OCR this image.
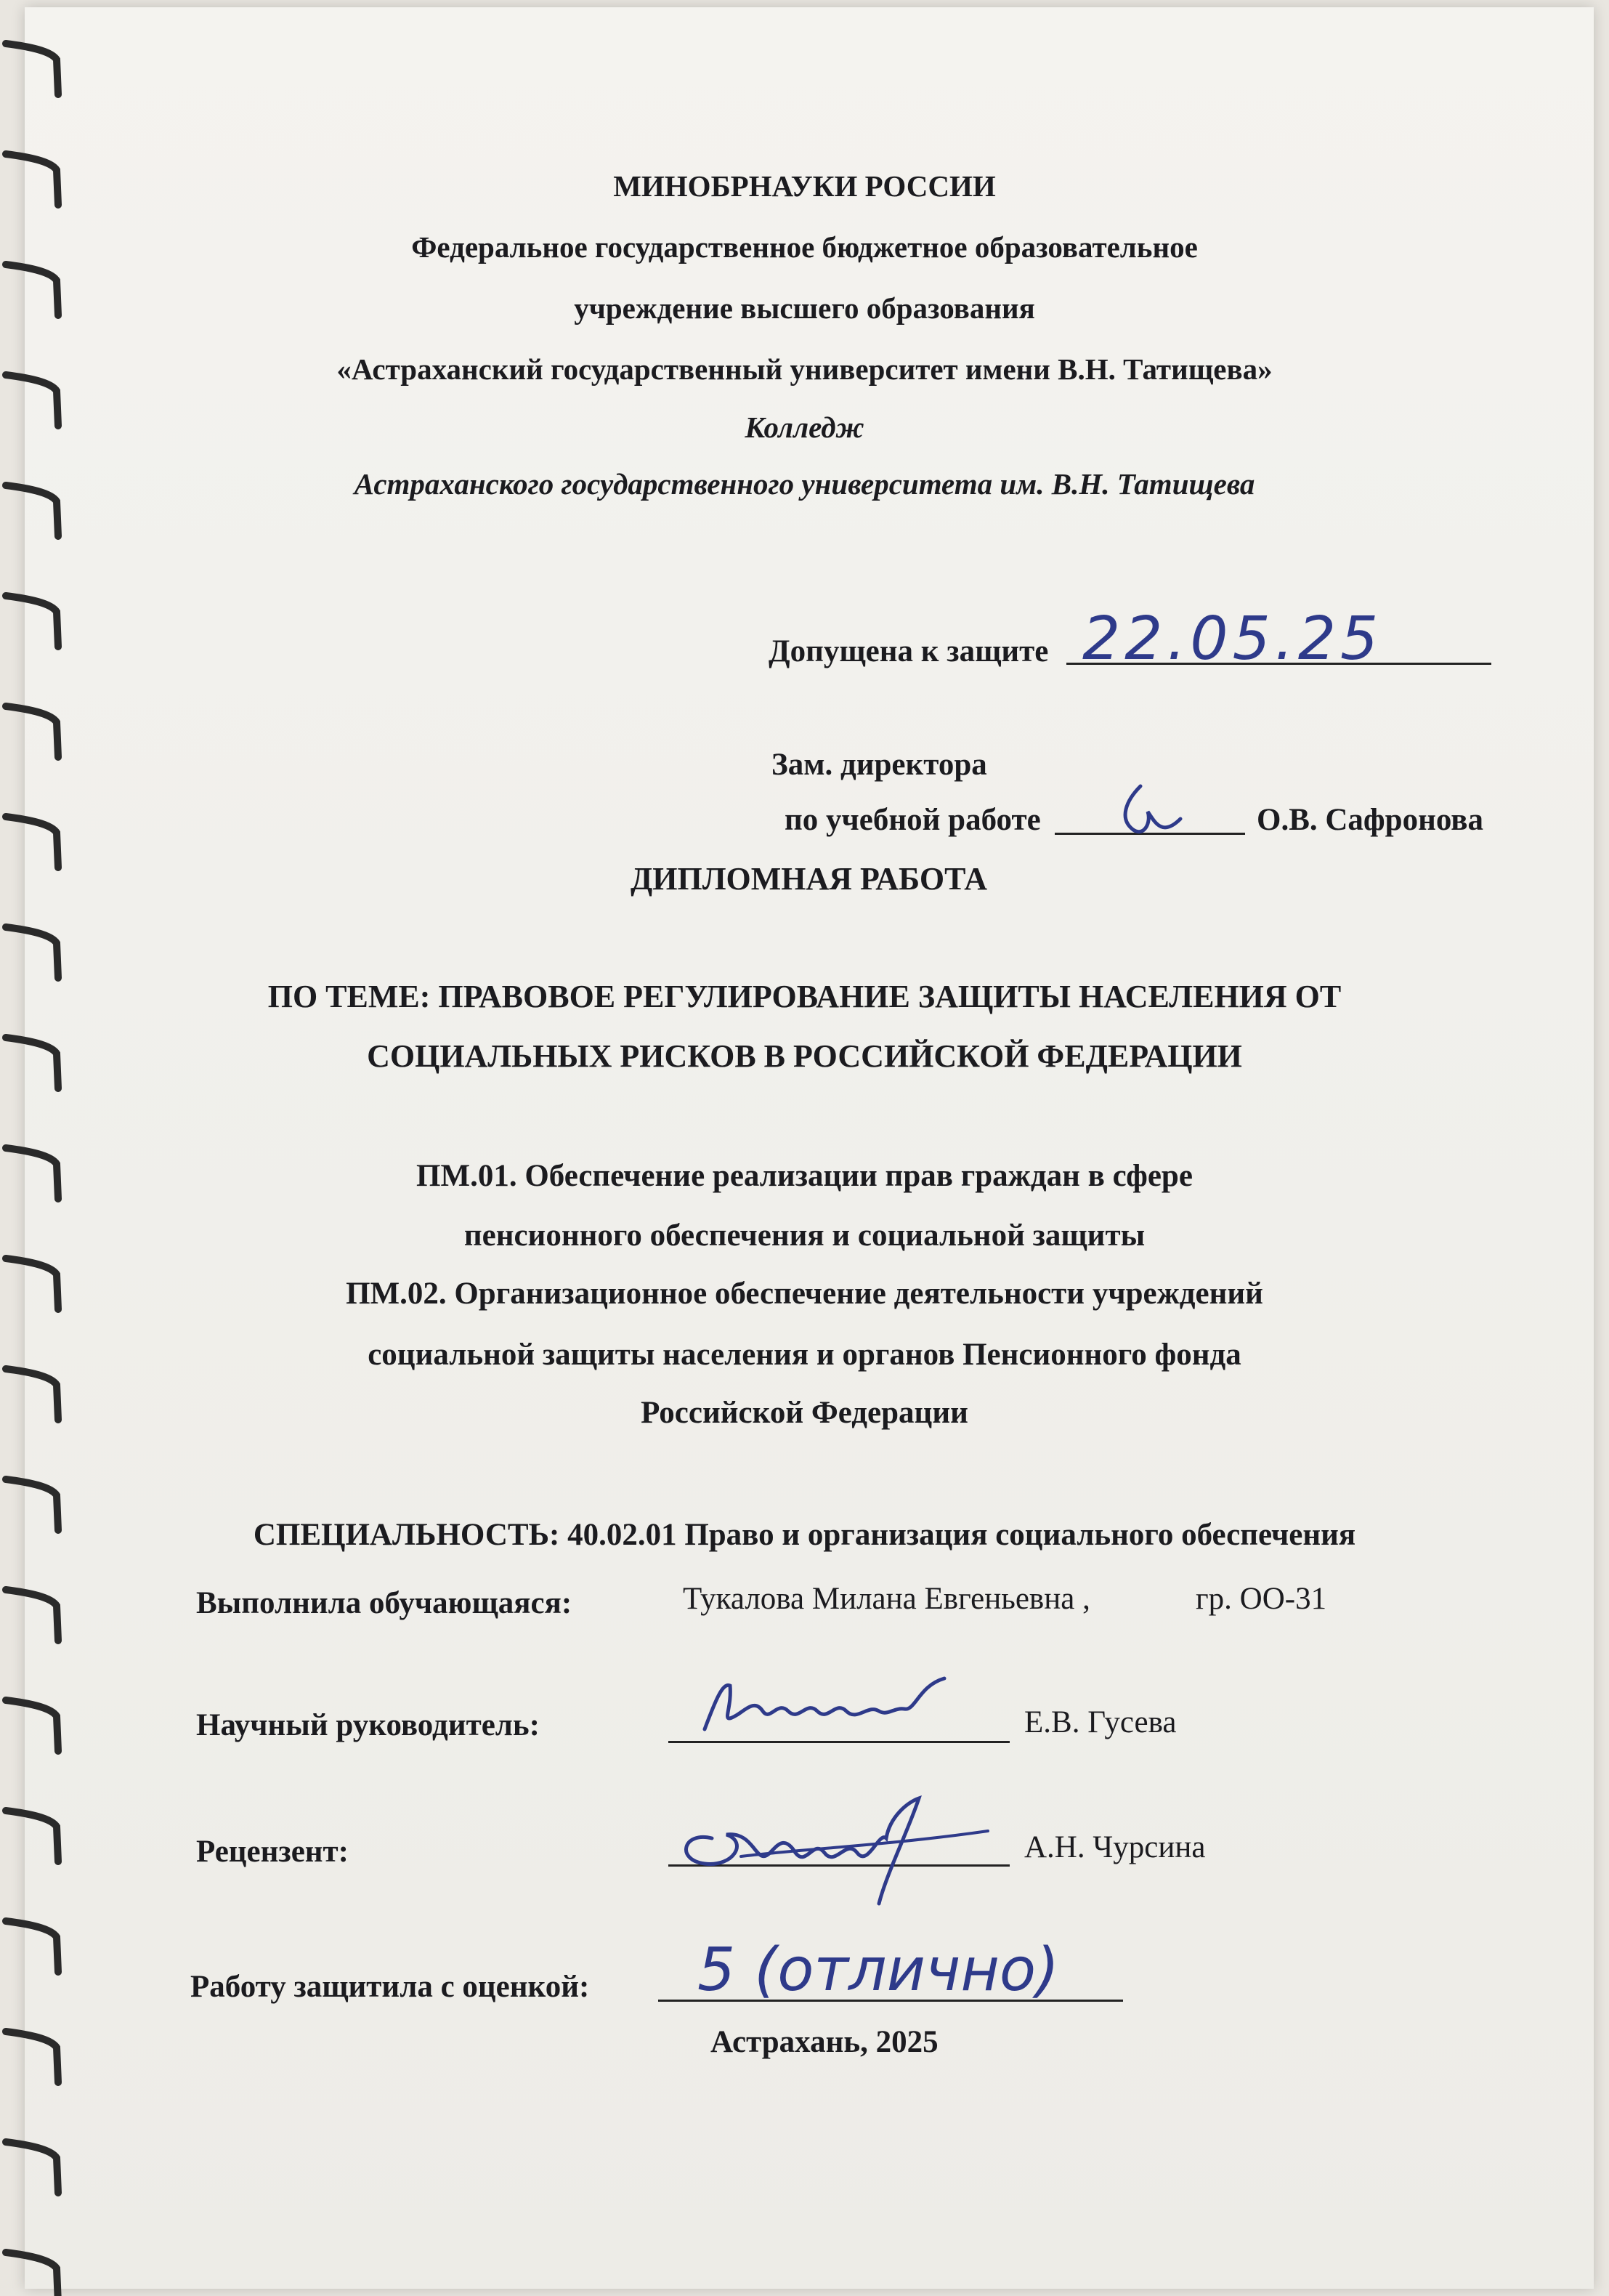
МИНОБРНАУКИ РОССИИ
Федеральное государственное бюджетное образовательное
учреждение высшего образования
«Астраханский государственный университет имени В.Н. Татищева»
Колледж
Астраханского государственного университета им. В.Н. Татищева
Допущена к защите 22.05.25
Зам. директора
по учебной работе	О.В. Сафронова
ДИПЛОМНАЯ РАБОТА
ПО ТЕМЕ: ПРАВОВОЕ РЕГУЛИРОВАНИЕ ЗАЩИТЫ НАСЕЛЕНИЯ ОТ
СОЦИАЛЬНЫХ РИСКОВ В РОССИЙСКОЙ ФЕДЕРАЦИИ
ПМ.01. Обеспечение реализации прав граждан в сфере
пенсионного обеспечения и социальной защиты
ПМ.02. Организационное обеспечение деятельности учреждений
социальной защиты населения и органов Пенсионного фонда
Российской Федерации
СПЕЦИАЛЬНОСТЬ: 40.02.01 Право и организация социального обеспечения
Выполнила обучающаяся:	Тукалова Милана Евгеньевна ,	гр. ОО-31
Научный руководитель:	Е.В. Гусева
Рецензент:	А.Н. Чурсина
Работу защитила с оценкой: 5 (отлично)
Астрахань, 2025
